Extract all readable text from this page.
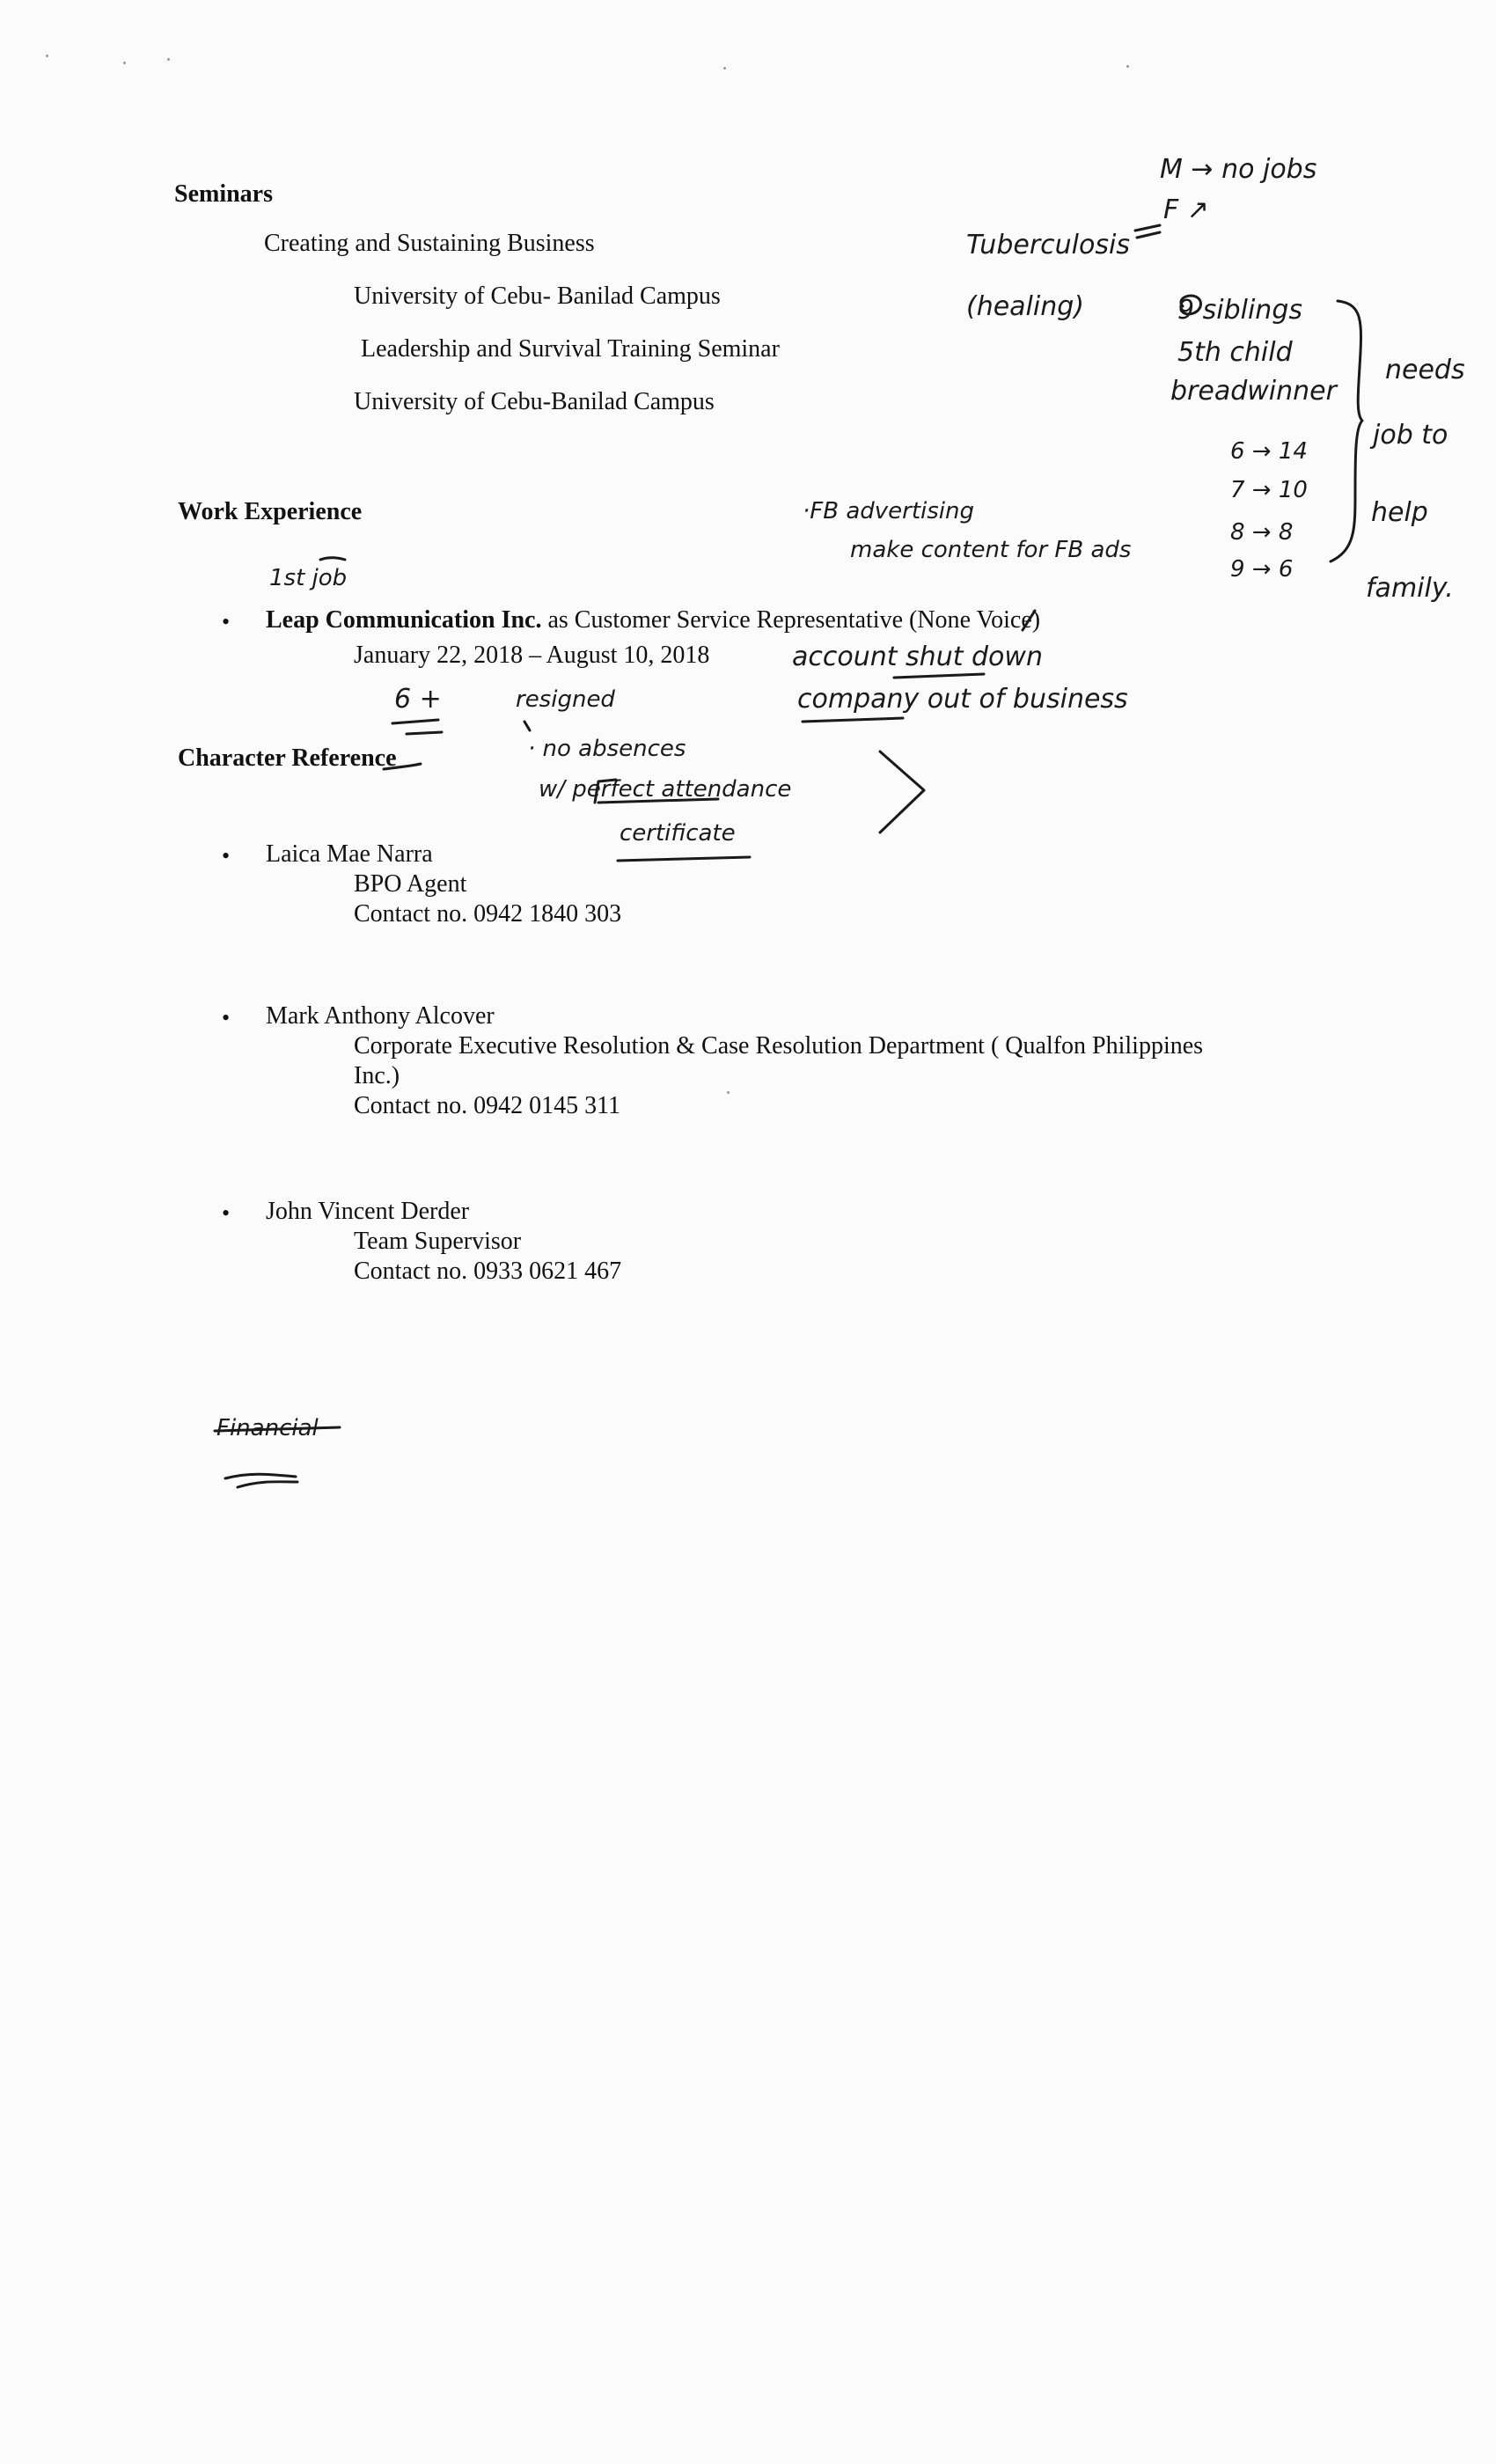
Seminars
Creating and Sustaining Business
University of Cebu- Banilad Campus
Leadership and Survival Training Seminar
University of Cebu-Banilad Campus
Work Experience
• Leap Communication Inc. as Customer Service Representative (None Voice)
January 22, 2018 – August 10, 2018
Character Reference
• Laica Mae Narra
BPO Agent
Contact no. 0942 1840 303
• Mark Anthony Alcover
Corporate Executive Resolution & Case Resolution Department ( Qualfon Philippines
Inc.)
Contact no. 0942 0145 311
• John Vincent Derder
Team Supervisor
Contact no. 0933 0621 467
M → no jobs
F ↗
Tuberculosis
(healing)	9 siblings
5th child
breadwinner
6 → 14
7 → 10
8 → 8
9 → 6
needs
job to
help
family.
·FB advertising
make content for FB ads
1st job
account shut down
company out of business
6 +	resigned
· no absences
w/ perfect attendance
certificate
Financial
